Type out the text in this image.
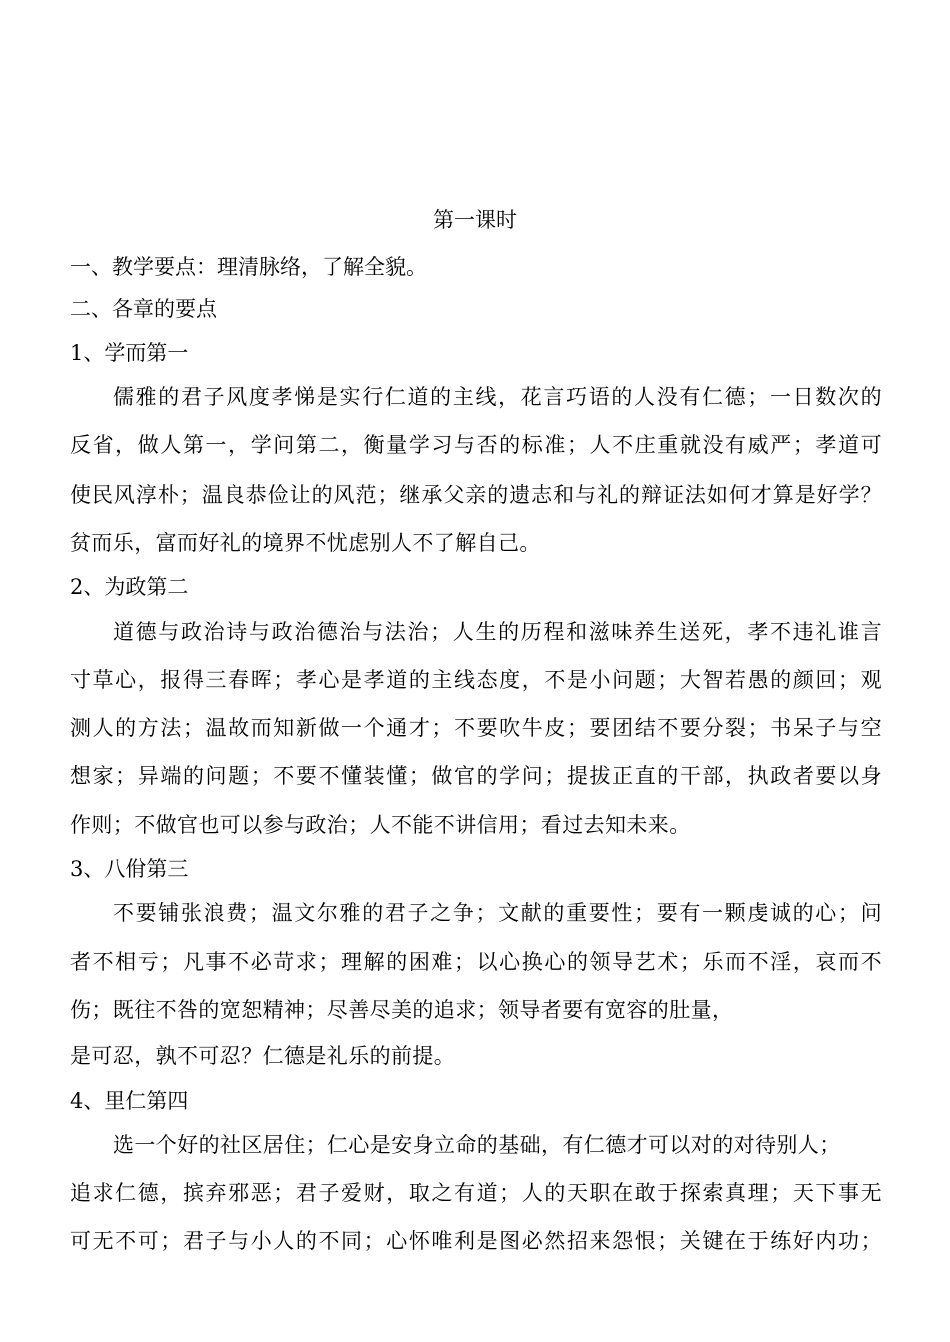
第一课时
一、教学要点：理清脉络，了解全貌。
二、各章的要点
1、学而第一
儒雅的君子风度孝悌是实行仁道的主线，花言巧语的人没有仁德；一日数次的
反省，做人第一，学问第二，衡量学习与否的标准；人不庄重就没有威严；孝道可
使民风淳朴；温良恭俭让的风范；继承父亲的遗志和与礼的辩证法如何才算是好学？
贫而乐，富而好礼的境界不忧虑别人不了解自己。
2、为政第二
道德与政治诗与政治德治与法治；人生的历程和滋味养生送死，孝不违礼谁言
寸草心，报得三春晖；孝心是孝道的主线态度，不是小问题；大智若愚的颜回；观
测人的方法；温故而知新做一个通才；不要吹牛皮；要团结不要分裂；书呆子与空
想家；异端的问题；不要不懂装懂；做官的学问；提拔正直的干部，执政者要以身
作则；不做官也可以参与政治；人不能不讲信用；看过去知未来。
3、八佾第三
不要铺张浪费；温文尔雅的君子之争；文献的重要性；要有一颗虔诚的心；问
者不相亏；凡事不必苛求；理解的困难；以心换心的领导艺术；乐而不淫，哀而不
伤；既往不咎的宽恕精神；尽善尽美的追求；领导者要有宽容的肚量，
是可忍，孰不可忍？仁德是礼乐的前提。
4、里仁第四
选一个好的社区居住；仁心是安身立命的基础，有仁德才可以对的对待别人；
追求仁德，摈弃邪恶；君子爱财，取之有道；人的天职在敢于探索真理；天下事无
可无不可；君子与小人的不同；心怀唯利是图必然招来怨恨；关键在于练好内功；
